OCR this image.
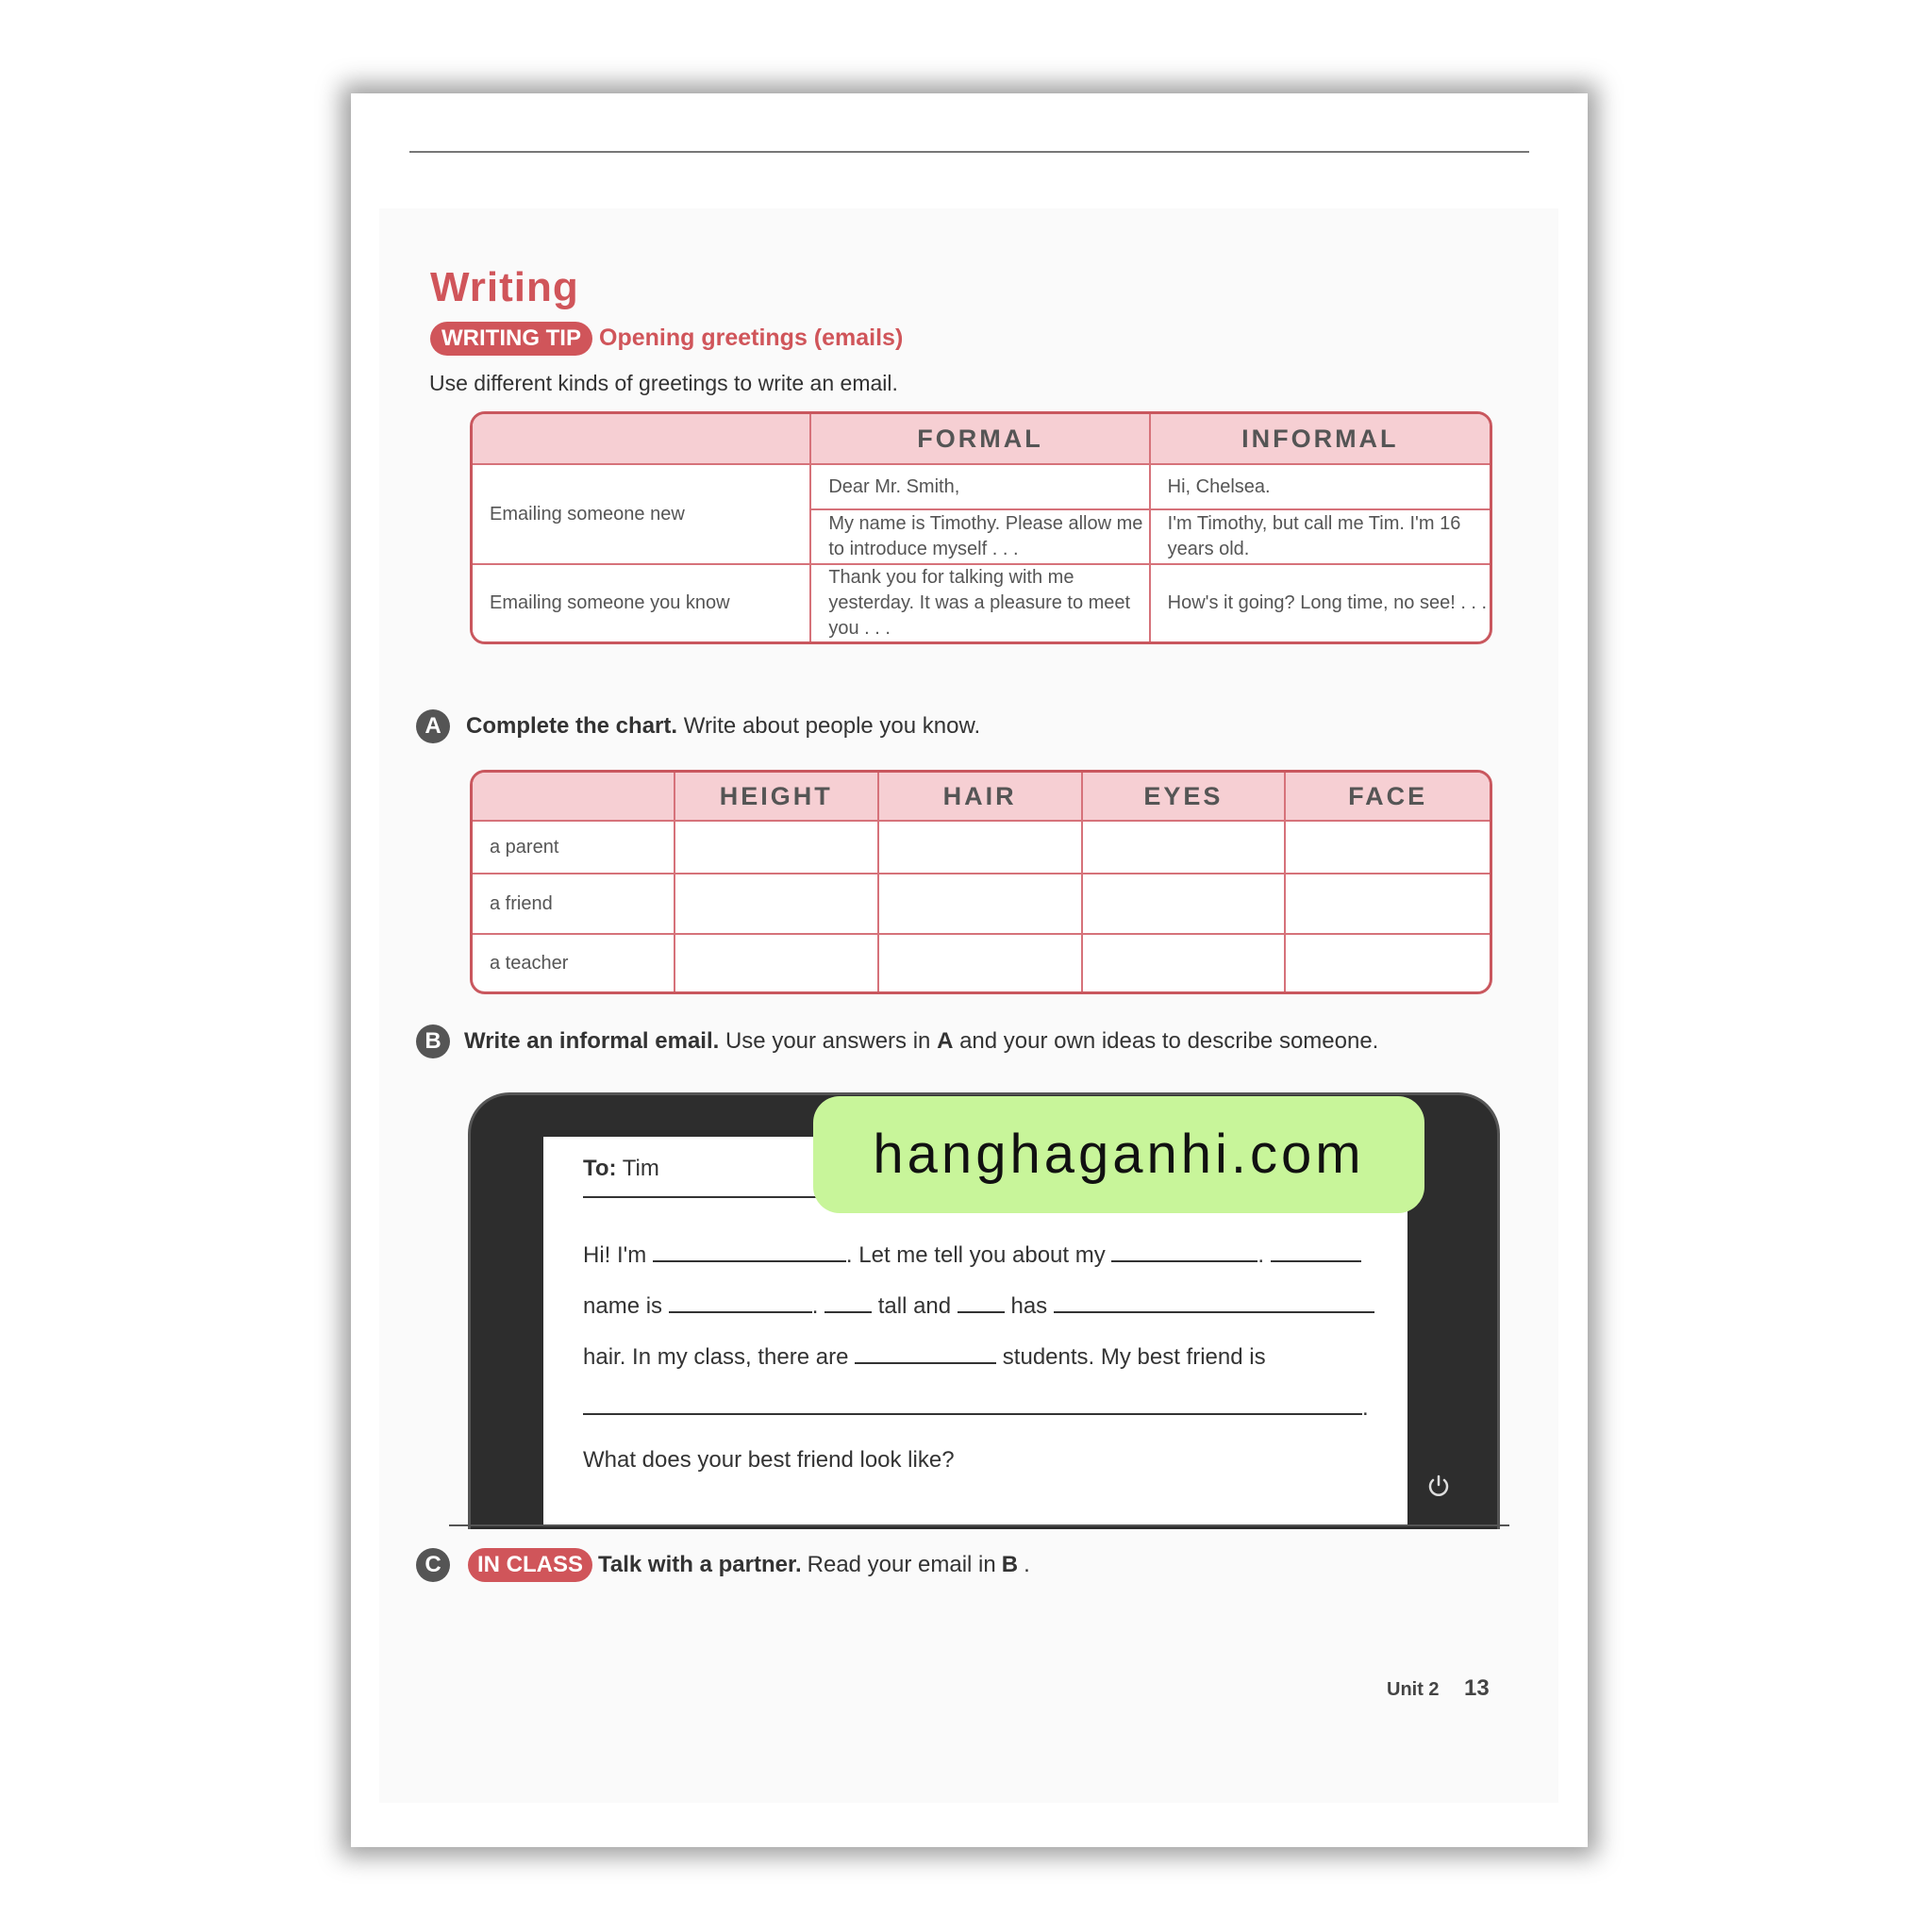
Writing
WRITING TIP Opening greetings (emails)
Use different kinds of greetings to write an email.
	FORMAL	INFORMAL
Emailing someone new	Dear Mr. Smith,	Hi, Chelsea.
	My name is Timothy. Please allow me to introduce myself . . .	I'm Timothy, but call me Tim. I'm 16 years old.
Emailing someone you know	Thank you for talking with me yesterday. It was a pleasure to meet you . . .	How's it going? Long time, no see! . . .
A	Complete the chart. Write about people you know.
	HEIGHT	HAIR	EYES	FACE
a parent				
a friend				
a teacher				
B	Write an informal email. Use your answers in A and your own ideas to describe someone.
To: Tim
Hi! I'm	. Let me tell you about my	.
name is	.	tall and	has
hair. In my class, there are	students. My best friend is
.
What does your best friend look like?
C	IN CLASS Talk with a partner. Read your email in B .
Unit 2 13
hanghaganhi.com
